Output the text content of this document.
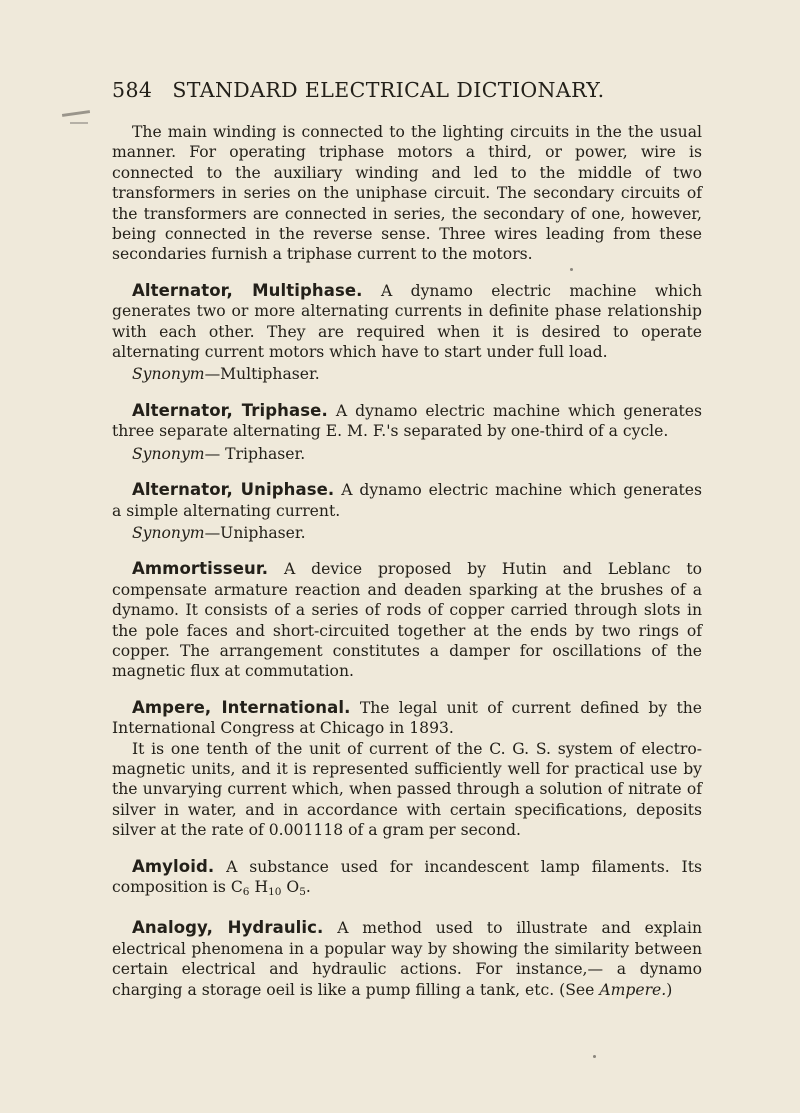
584 STANDARD ELECTRICAL DICTIONARY.

The main winding is connected to the lighting circuits in the the usual manner. For operating triphase motors a third, or power, wire is connected to the auxiliary winding and led to the middle of two transformers in series on the uniphase circuit. The secondary circuits of the transformers are connected in series, the secondary of one, however, being connected in the reverse sense. Three wires leading from these secondaries furnish a triphase current to the motors.

Alternator, Multiphase. A dynamo electric machine which generates two or more alternating currents in definite phase relationship with each other. They are required when it is desired to operate alternating current motors which have to start under full load.

Synonym—Multiphaser.

Alternator, Triphase. A dynamo electric machine which generates three separate alternating E. M. F.'s separated by one-third of a cycle.

Synonym— Triphaser.

Alternator, Uniphase. A dynamo electric machine which generates a simple alternating current.

Synonym—Uniphaser.

Ammortisseur. A device proposed by Hutin and Leblanc to compensate armature reaction and deaden sparking at the brushes of a dynamo. It consists of a series of rods of copper carried through slots in the pole faces and short-circuited together at the ends by two rings of copper. The arrangement constitutes a damper for oscillations of the magnetic flux at commutation.

Ampere, International. The legal unit of current defined by the International Congress at Chicago in 1893.

It is one tenth of the unit of current of the C. G. S. system of electro-magnetic units, and it is represented sufficiently well for practical use by the unvarying current which, when passed through a solution of nitrate of silver in water, and in accordance with certain specifications, deposits silver at the rate of 0.001118 of a gram per second.

Amyloid. A substance used for incandescent lamp filaments. Its composition is $C_6$ $H_{10}$ $O_5$.

Analogy, Hydraulic. A method used to illustrate and explain electrical phenomena in a popular way by showing the similarity between certain electrical and hydraulic actions. For instance,— a dynamo charging a storage oeil is like a pump filling a tank, etc. (See Ampere.)
